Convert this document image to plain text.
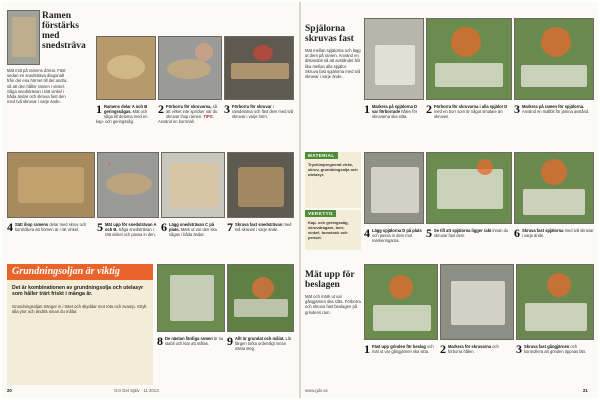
Ramen förstärks med snedsträva
Mät mitt på ramens dörrar. Fäst sedan en snedsträva diagonalt från det ena hörnet till det andra, så att den håller ramen i vinkel. Såga snedsträvan i rätt vinkel i båda ändar och skruva fast den med två skruvar i varje ände.
1 Ramens delar A och B geringssågas. Mät och såga till delarna med en kap- och geringssåg.
2 Förborra för skruvarna, så att virket inte spricker när du skruvar ihop ramen. TIPS: Använd en borrmall.
3 Förborra för skruvar i ramdelarna och fäst dem med två skruvar i varje hörn.
4 Sätt ihop ramens delar med skruv och kontrollera att hörnen är i rät vinkel.
A
5 Mät upp för snedsträvan A och B. Såga snedsträvan i rätt vinkel och passa in den.
6 Lägg snedsträvan C på plats. Märk ut var den ska sågas i båda ändar.
7 Skruva fast snedsträvan med två skruvar i varje ände.
Grundningsoljan är viktig
Det är kombinationen av grundningsolja och utelasyr som håller trärt friskt i många år.
Grundningsoljan tränger in i träet och skyddar mot röta och svamp. Stryk alla ytor och ändträ innan du målar.
8 De nästan färdiga ramen är nu stabil och klar att målas.	9 Allt är grundat och målat. Låt färgen torka ordentligt innan nästa steg.
20	Gör Det Själv · 11 2013
Spjälorna skruvas fast
Mät mellan spjälorna och lägg ut dem på ramen. Använd en distansbit så att avståndet blir lika mellan alla spjälor. Skruva fast spjälorna med två skruvar i varje ände.
1 Markera på spjälorna D var förborrade hålen för skruvarna ska sitta.
2 Förborra för skruvarna i alla spjälor D med en borr som är något smalare än skruven.
3 Markera på ramen för spjälorna. Använd en mallbit för jämna avstånd.
MATERIAL
Tryckimpregnerat virke, skruv, grundningsolja och utelasyr.
VERKTYG
Kap- och geringssåg, skruvdragare, borr, vinkel, tumstock och pensel.	4 Lägg spjälorna D på plats och passa in dem mot markeringarna.
5 Se till att spjälorna ligger rakt innan du skruvar fast dem.	6 Skruva fast spjälorna med två skruvar i varje ände.
Mät upp för beslagen
Mät och märk ut var gångjärnen ska sitta. Förborra och skruva fast beslagen på grindens ram.
1 Fäst upp grinden för beslag och mät ut var gångjärnen ska sitta. 2 Markera för skruvarna och förborra hålen.	3 Skruva fast gångjärnen och kontrollera att grinden öppnas lätt.
www.gds.se	21
